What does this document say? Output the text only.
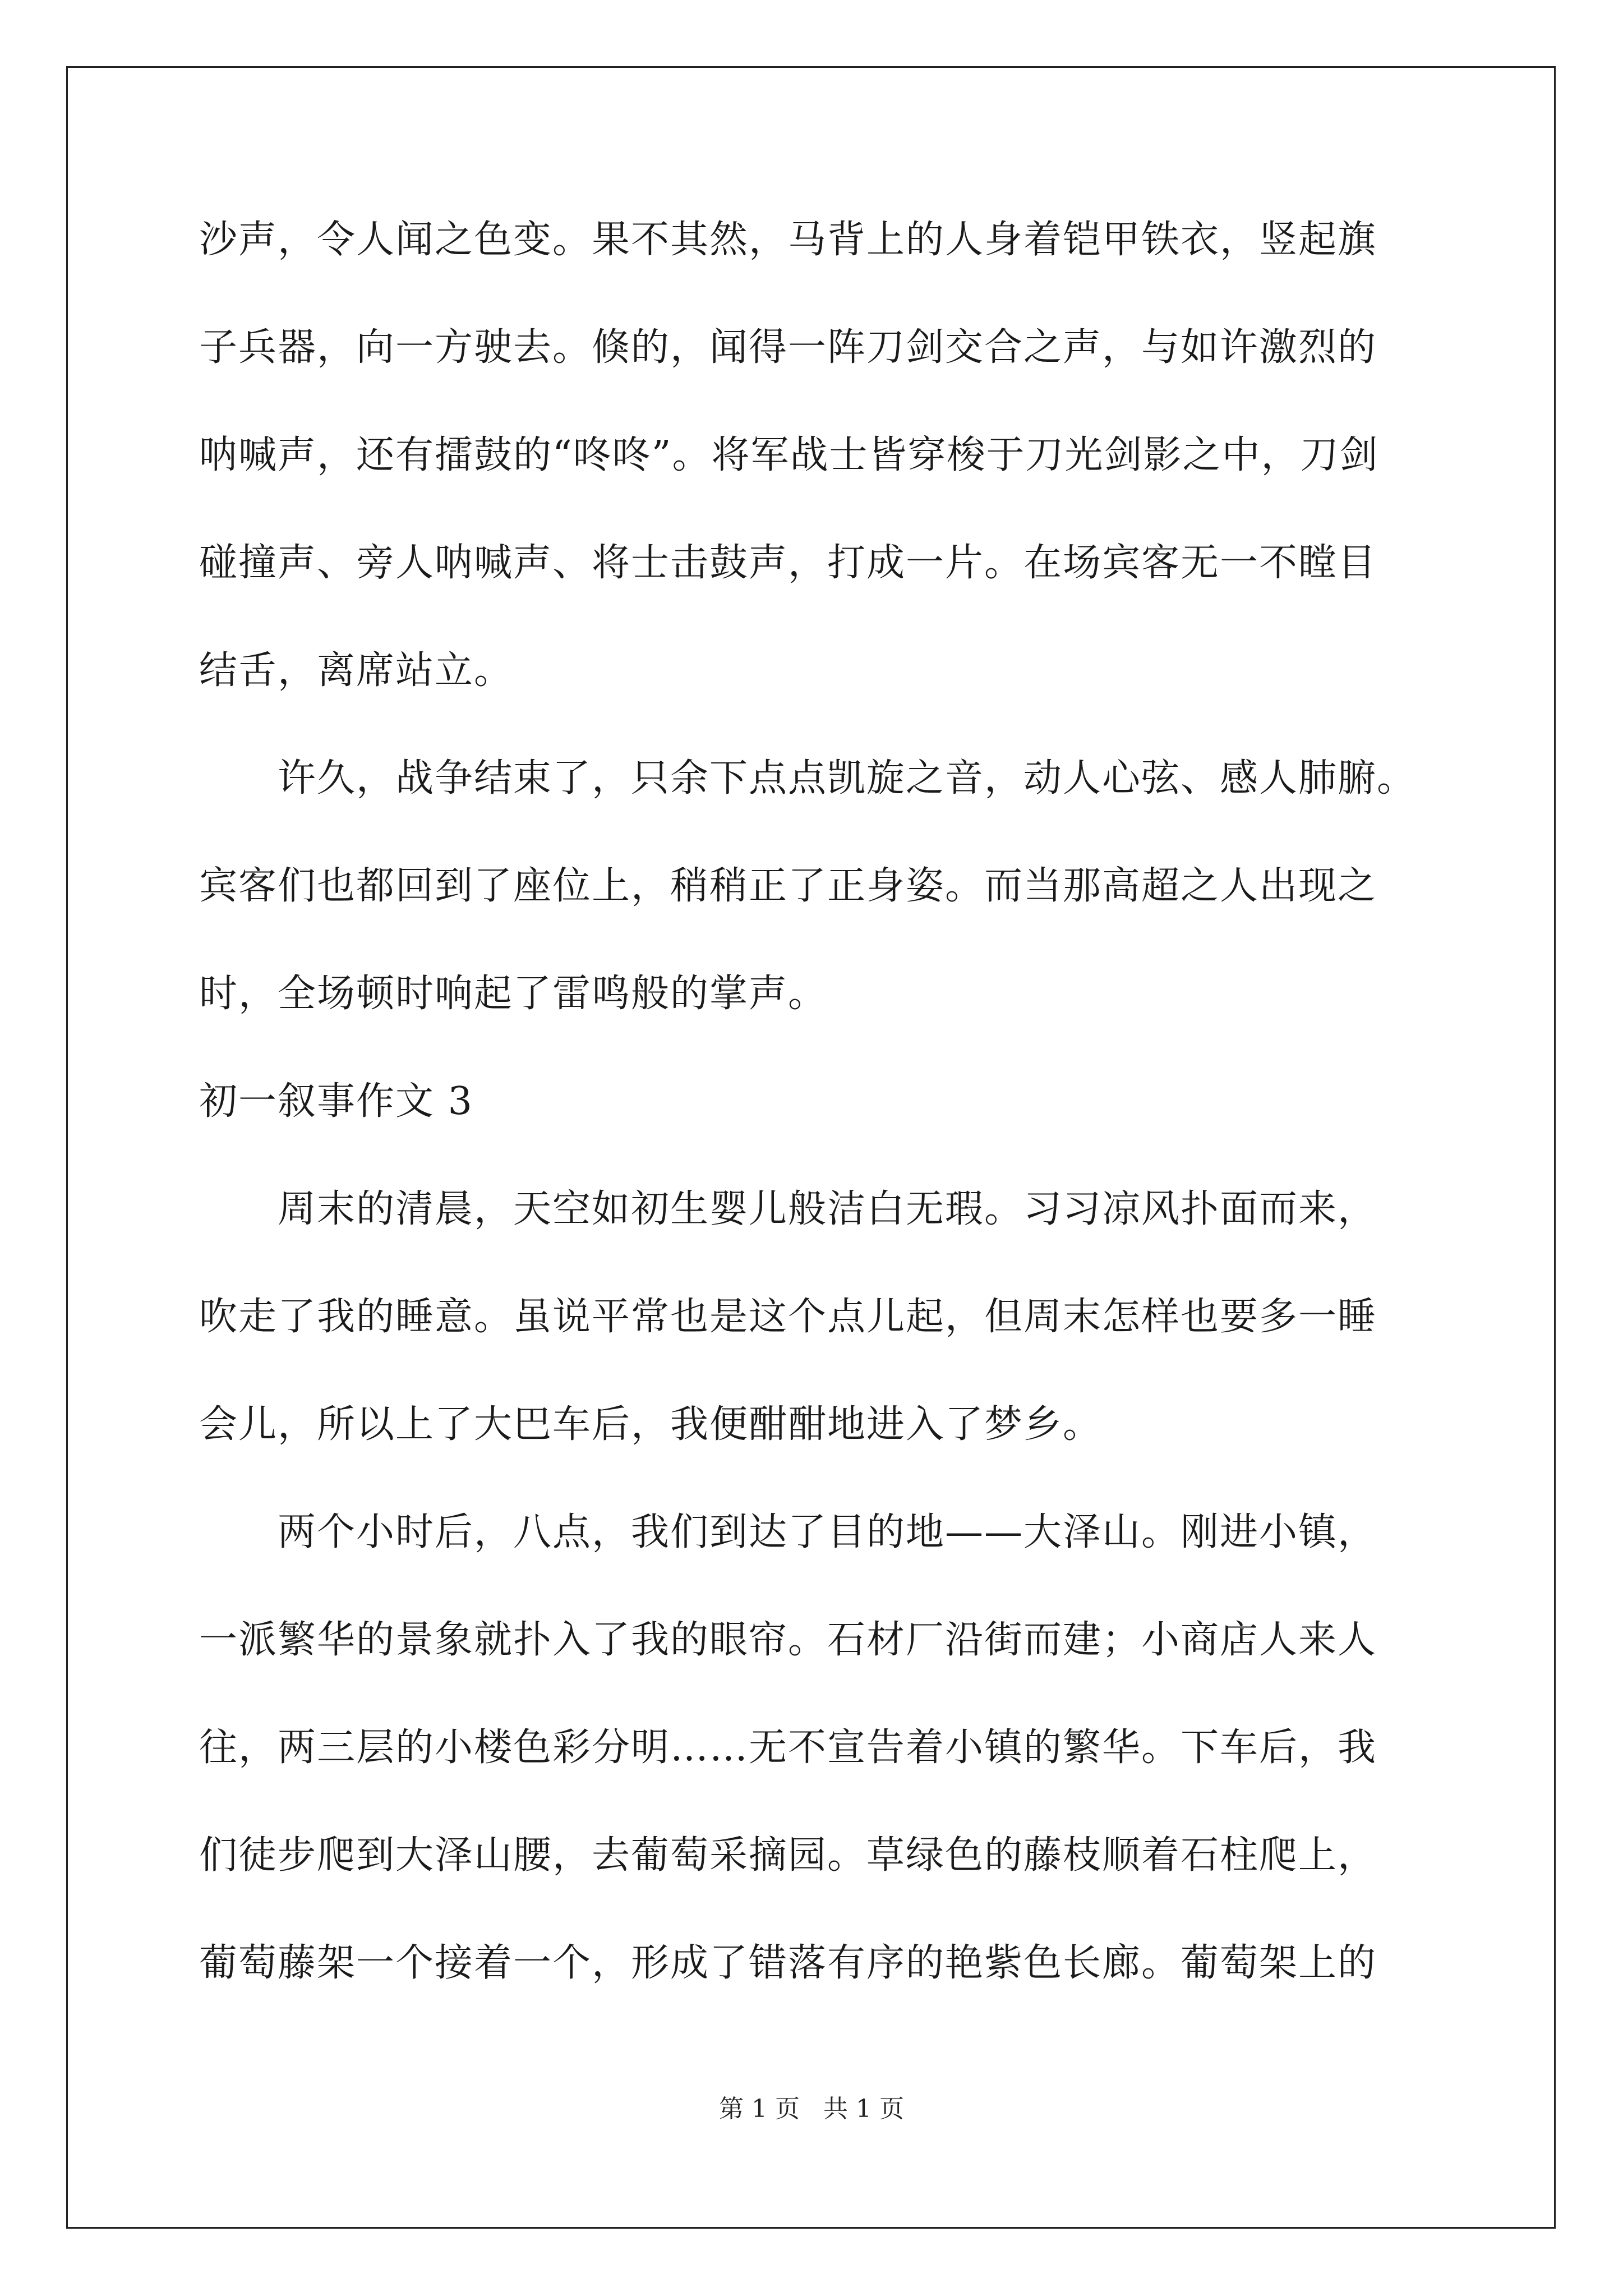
沙声，令人闻之色变。果不其然，马背上的人身着铠甲铁衣，竖起旗
子兵器，向一方驶去。倏的，闻得一阵刀剑交合之声，与如许激烈的
呐喊声，还有擂鼓的“咚咚”。将军战士皆穿梭于刀光剑影之中，刀剑
碰撞声、旁人呐喊声、将士击鼓声，打成一片。在场宾客无一不瞠目
结舌，离席站立。
许久，战争结束了，只余下点点凯旋之音，动人心弦、感人肺腑。
宾客们也都回到了座位上，稍稍正了正身姿。而当那高超之人出现之
时，全场顿时响起了雷鸣般的掌声。
初一叙事作文 3
周末的清晨，天空如初生婴儿般洁白无瑕。习习凉风扑面而来，
吹走了我的睡意。虽说平常也是这个点儿起，但周末怎样也要多一睡
会儿，所以上了大巴车后，我便酣酣地进入了梦乡。
两个小时后，八点，我们到达了目的地——大泽山。刚进小镇，
一派繁华的景象就扑入了我的眼帘。石材厂沿街而建；小商店人来人
往，两三层的小楼色彩分明……无不宣告着小镇的繁华。下车后，我
们徒步爬到大泽山腰，去葡萄采摘园。草绿色的藤枝顺着石柱爬上，
葡萄藤架一个接着一个，形成了错落有序的艳紫色长廊。葡萄架上的
第 1 页   共 1 页
